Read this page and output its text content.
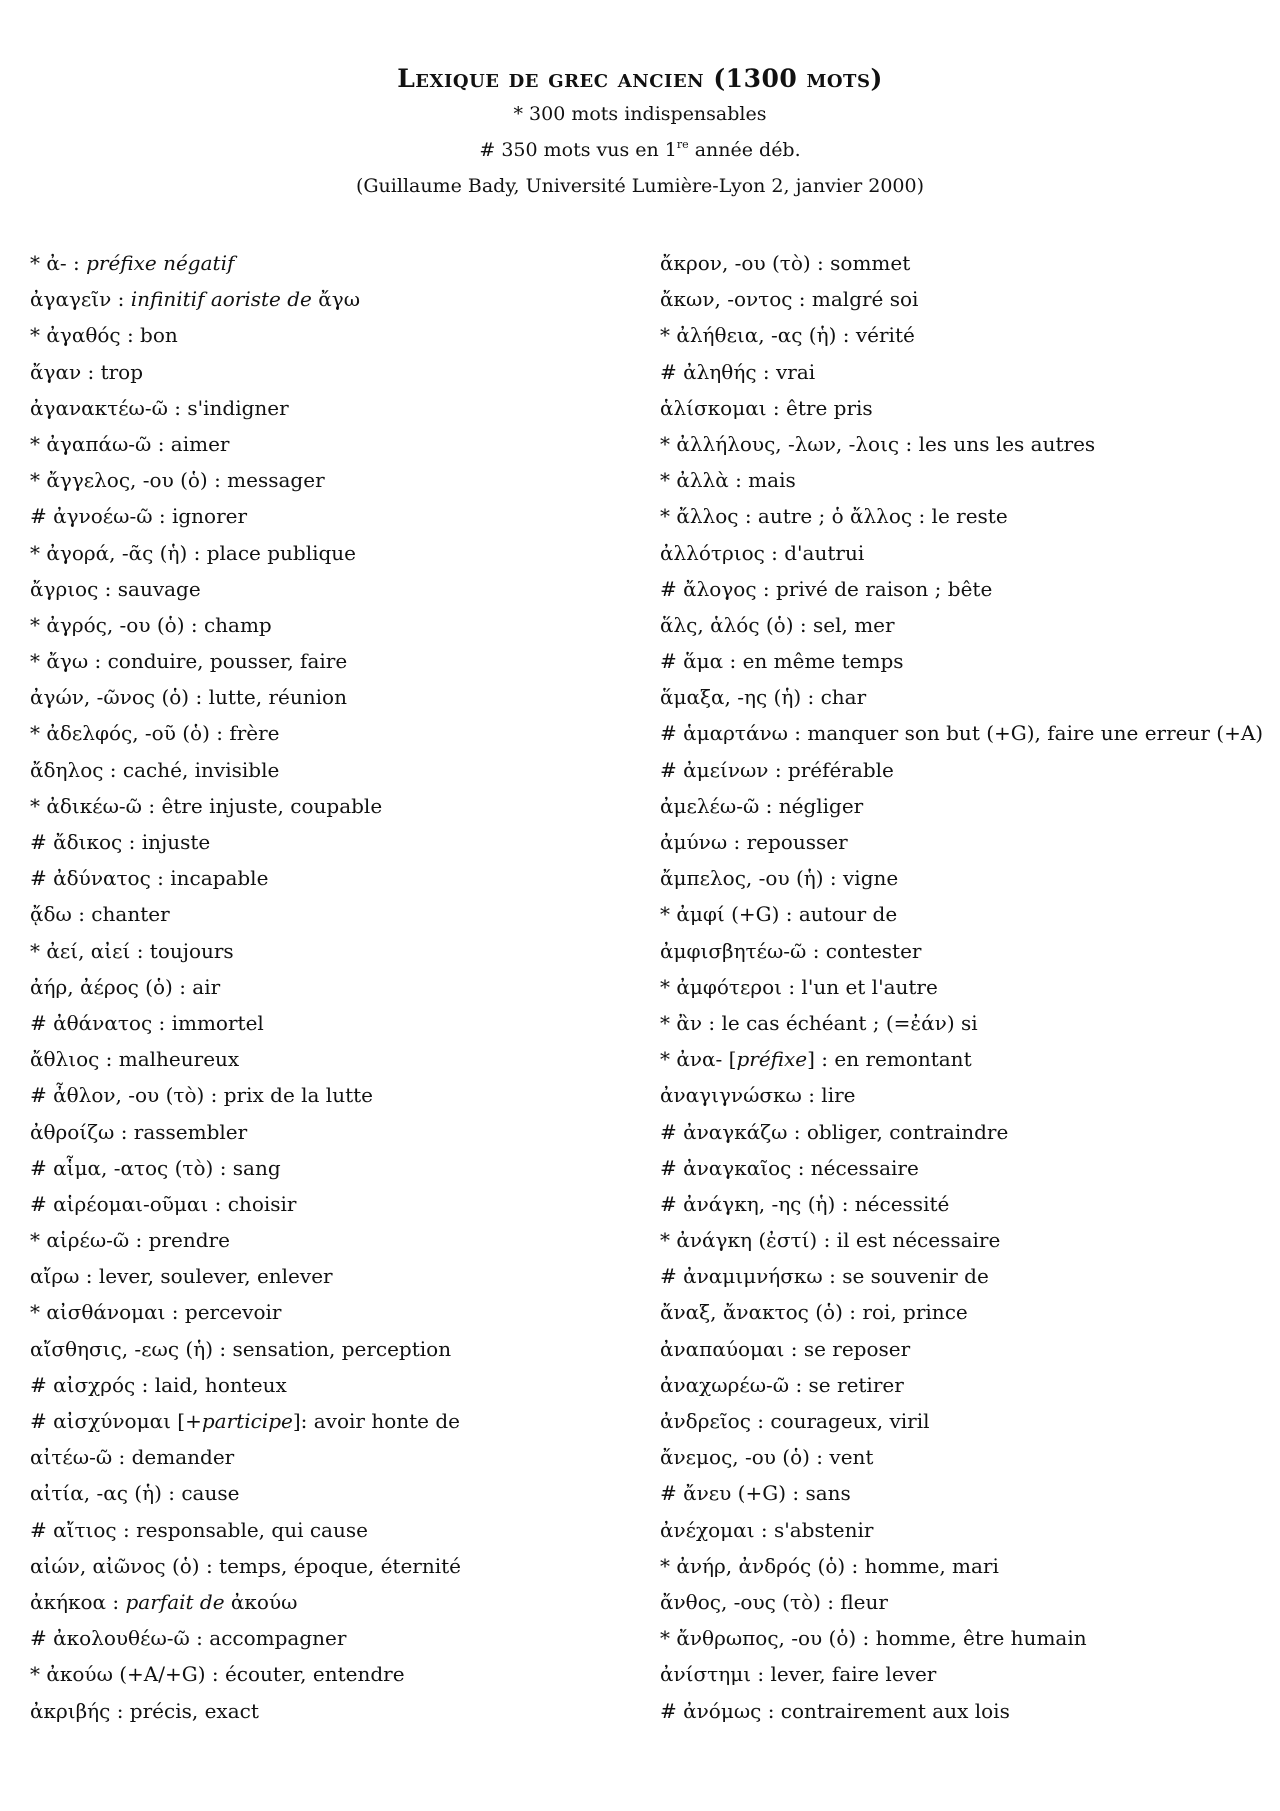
Lexique de grec ancien (1300 mots)

* 300 mots indispensables

# 350 mots vus en 1re année déb.

(Guillaume Bady, Université Lumière-Lyon 2, janvier 2000)

* ἀ- : préfixe négatif
ἀγαγεῖν : infinitif aoriste de ἄγω
* ἀγαθός : bon
ἄγαν : trop
ἀγανακτέω-ῶ : s'indigner
* ἀγαπάω-ῶ : aimer
* ἄγγελος, -ου (ὁ) : messager
# ἀγνοέω-ῶ : ignorer
* ἀγορά, -ᾶς (ἡ) : place publique
ἄγριος : sauvage
* ἀγρός, -ου (ὁ) : champ
* ἄγω : conduire, pousser, faire
ἀγών, -ῶνος (ὁ) : lutte, réunion
* ἀδελφός, -οῦ (ὁ) : frère
ἄδηλος : caché, invisible
* ἀδικέω-ῶ : être injuste, coupable
# ἄδικος : injuste
# ἀδύνατος : incapable
ᾄδω : chanter
* ἀεί, αἰεί : toujours
ἀήρ, ἀέρος (ὁ) : air
# ἀθάνατος : immortel
ἄθλιος : malheureux
# ἆθλον, -ου (τὸ) : prix de la lutte
ἀθροίζω : rassembler
# αἷμα, -ατος (τὸ) : sang
# αἱρέομαι-οῦμαι : choisir
* αἱρέω-ῶ : prendre
αἴρω : lever, soulever, enlever
* αἰσθάνομαι : percevoir
αἴσθησις, -εως (ἡ) : sensation, perception
# αἰσχρός : laid, honteux
# αἰσχύνομαι [+participe]: avoir honte de
αἰτέω-ῶ : demander
αἰτία, -ας (ἡ) : cause
# αἴτιος : responsable, qui cause
αἰών, αἰῶνος (ὁ) : temps, époque, éternité
ἀκήκοα : parfait de ἀκούω
# ἀκολουθέω-ῶ : accompagner
* ἀκούω (+A/+G) : écouter, entendre
ἀκριβής : précis, exact
ἄκρον, -ου (τὸ) : sommet
ἄκων, -οντος : malgré soi
* ἀλήθεια, -ας (ἡ) : vérité
# ἀληθής : vrai
ἁλίσκομαι : être pris
* ἀλλήλους, -λων, -λοις : les uns les autres
* ἀλλὰ : mais
* ἄλλος : autre ; ὁ ἄλλος : le reste
ἀλλότριος : d'autrui
# ἄλογος : privé de raison ; bête
ἅλς, ἁλός (ὁ) : sel, mer
# ἅμα : en même temps
ἅμαξα, -ης (ἡ) : char
# ἁμαρτάνω : manquer son but (+G), faire une erreur (+A)
# ἀμείνων : préférable
ἀμελέω-ῶ : négliger
ἀμύνω : repousser
ἄμπελος, -ου (ἡ) : vigne
* ἀμφί (+G) : autour de
ἀμφισβητέω-ῶ : contester
* ἀμφότεροι : l'un et l'autre
* ἂν : le cas échéant ; (=ἐάν) si
* ἀνα- [préfixe] : en remontant
ἀναγιγνώσκω : lire
# ἀναγκάζω : obliger, contraindre
# ἀναγκαῖος : nécessaire
# ἀνάγκη, -ης (ἡ) : nécessité
* ἀνάγκη (ἐστί) : il est nécessaire
# ἀναμιμνήσκω : se souvenir de
ἄναξ, ἄνακτος (ὁ) : roi, prince
ἀναπαύομαι : se reposer
ἀναχωρέω-ῶ : se retirer
ἀνδρεῖος : courageux, viril
ἄνεμος, -ου (ὁ) : vent
# ἄνευ (+G) : sans
ἀνέχομαι : s'abstenir
* ἀνήρ, ἀνδρός (ὁ) : homme, mari
ἄνθος, -ους (τὸ) : fleur
* ἄνθρωπος, -ου (ὁ) : homme, être humain
ἀνίστημι : lever, faire lever
# ἀνόμως : contrairement aux lois
